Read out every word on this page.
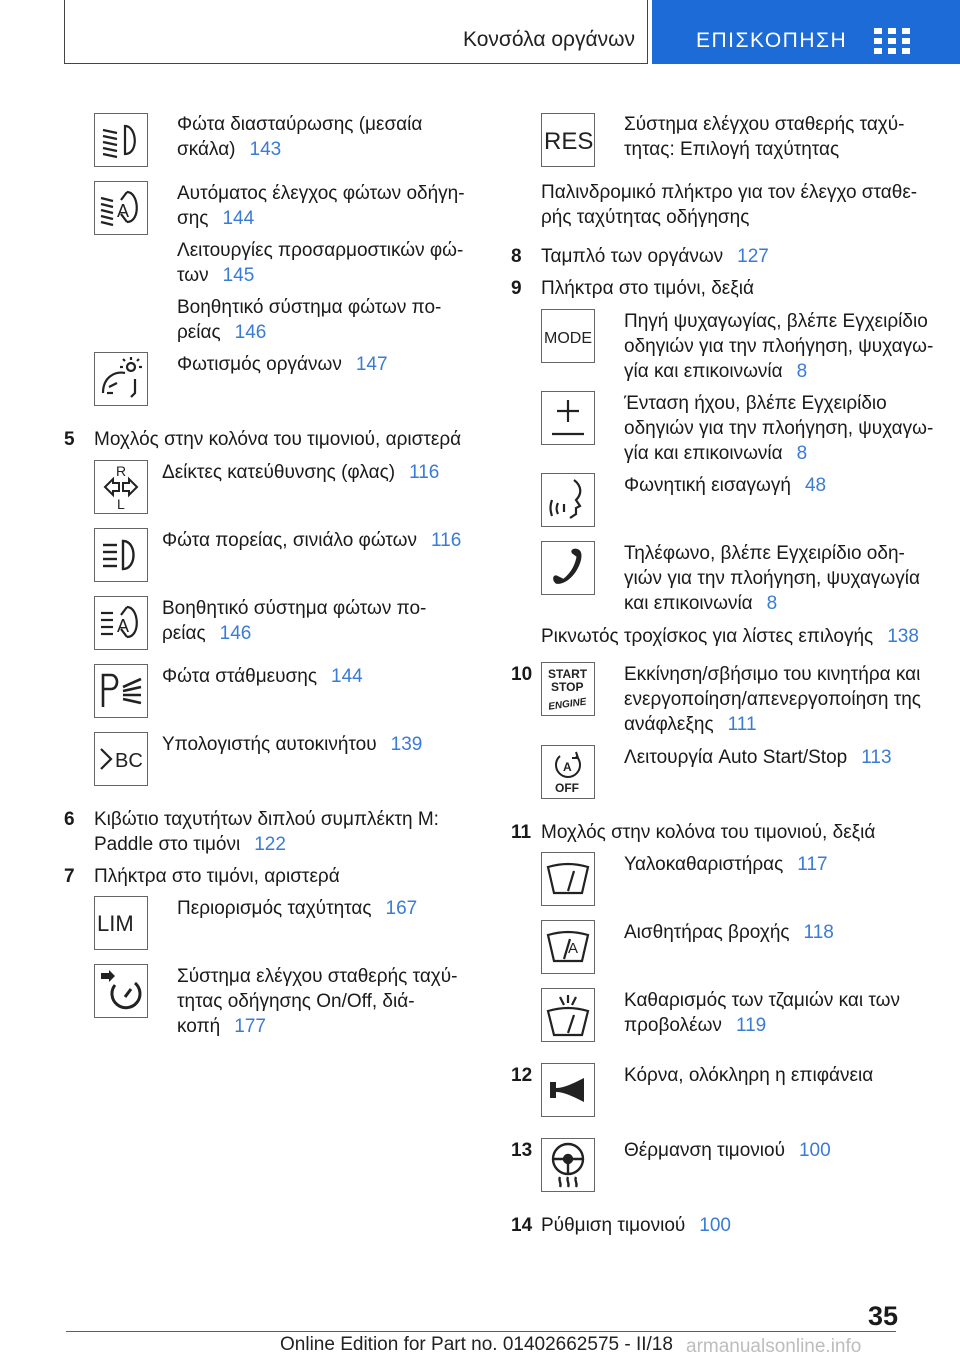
Κονσόλα οργάνων	ΕΠΙΣΚΟΠΗΣΗ
Φώτα διασταύρωσης (μεσαία
σκάλα) 143
A
Αυτόματος έλεγχος φώτων οδήγη-
σης 144
Λειτουργίες προσαρμοστικών φώ-
των 145
Βοηθητικό σύστημα φώτων πο-
ρείας 146
Φωτισμός οργάνων 147
5 Μοχλός στην κολόνα του τιμονιού, αριστερά
R
L
Δείκτες κατεύθυνσης (φλας) 116
Φώτα πορείας, σινιάλο φώτων 116
A
Βοηθητικό σύστημα φώτων πο-
ρείας 146
Φώτα στάθμευσης 144
BC
Υπολογιστής αυτοκινήτου 139
6 Κιβώτιο ταχυτήτων διπλού συμπλέκτη Μ:
Paddle στο τιμόνι 122
7 Πλήκτρα στο τιμόνι, αριστερά
LIM
Περιορισμός ταχύτητας 167
Σύστημα ελέγχου σταθερής ταχύ-
τητας οδήγησης On/Off, διά-
κοπή 177
RES
Σύστημα ελέγχου σταθερής ταχύ-
τητας: Επιλογή ταχύτητας
Παλινδρομικό πλήκτρο για τον έλεγχο σταθε-
ρής ταχύτητας οδήγησης
8 Ταμπλό των οργάνων 127
9 Πλήκτρα στο τιμόνι, δεξιά
MODE
Πηγή ψυχαγωγίας, βλέπε Εγχειρίδιο
οδηγιών για την πλοήγηση, ψυχαγω-
γία και επικοινωνία 8
Ένταση ήχου, βλέπε Εγχειρίδιο
οδηγιών για την πλοήγηση, ψυχαγω-
γία και επικοινωνία 8
Φωνητική εισαγωγή 48
Τηλέφωνο, βλέπε Εγχειρίδιο οδη-
γιών για την πλοήγηση, ψυχαγωγία
και επικοινωνία 8
Ρικνωτός τροχίσκος για λίστες επιλογής 138
10 START
STOP
ENGINE
Εκκίνηση/σβήσιμο του κινητήρα και
ενεργοποίηση/απενεργοποίηση της
ανάφλεξης 111
A
OFF
Λειτουργία Auto Start/Stop 113
11 Μοχλός στην κολόνα του τιμονιού, δεξιά
Υαλοκαθαριστήρας 117
A
Αισθητήρας βροχής 118
Καθαρισμός των τζαμιών και των
προβολέων 119
12	Κόρνα, ολόκληρη η επιφάνεια
13	Θέρμανση τιμονιού 100
14 Ρύθμιση τιμονιού 100
35
Online Edition for Part no. 01402662575 - II/18 armanualsonline.info
